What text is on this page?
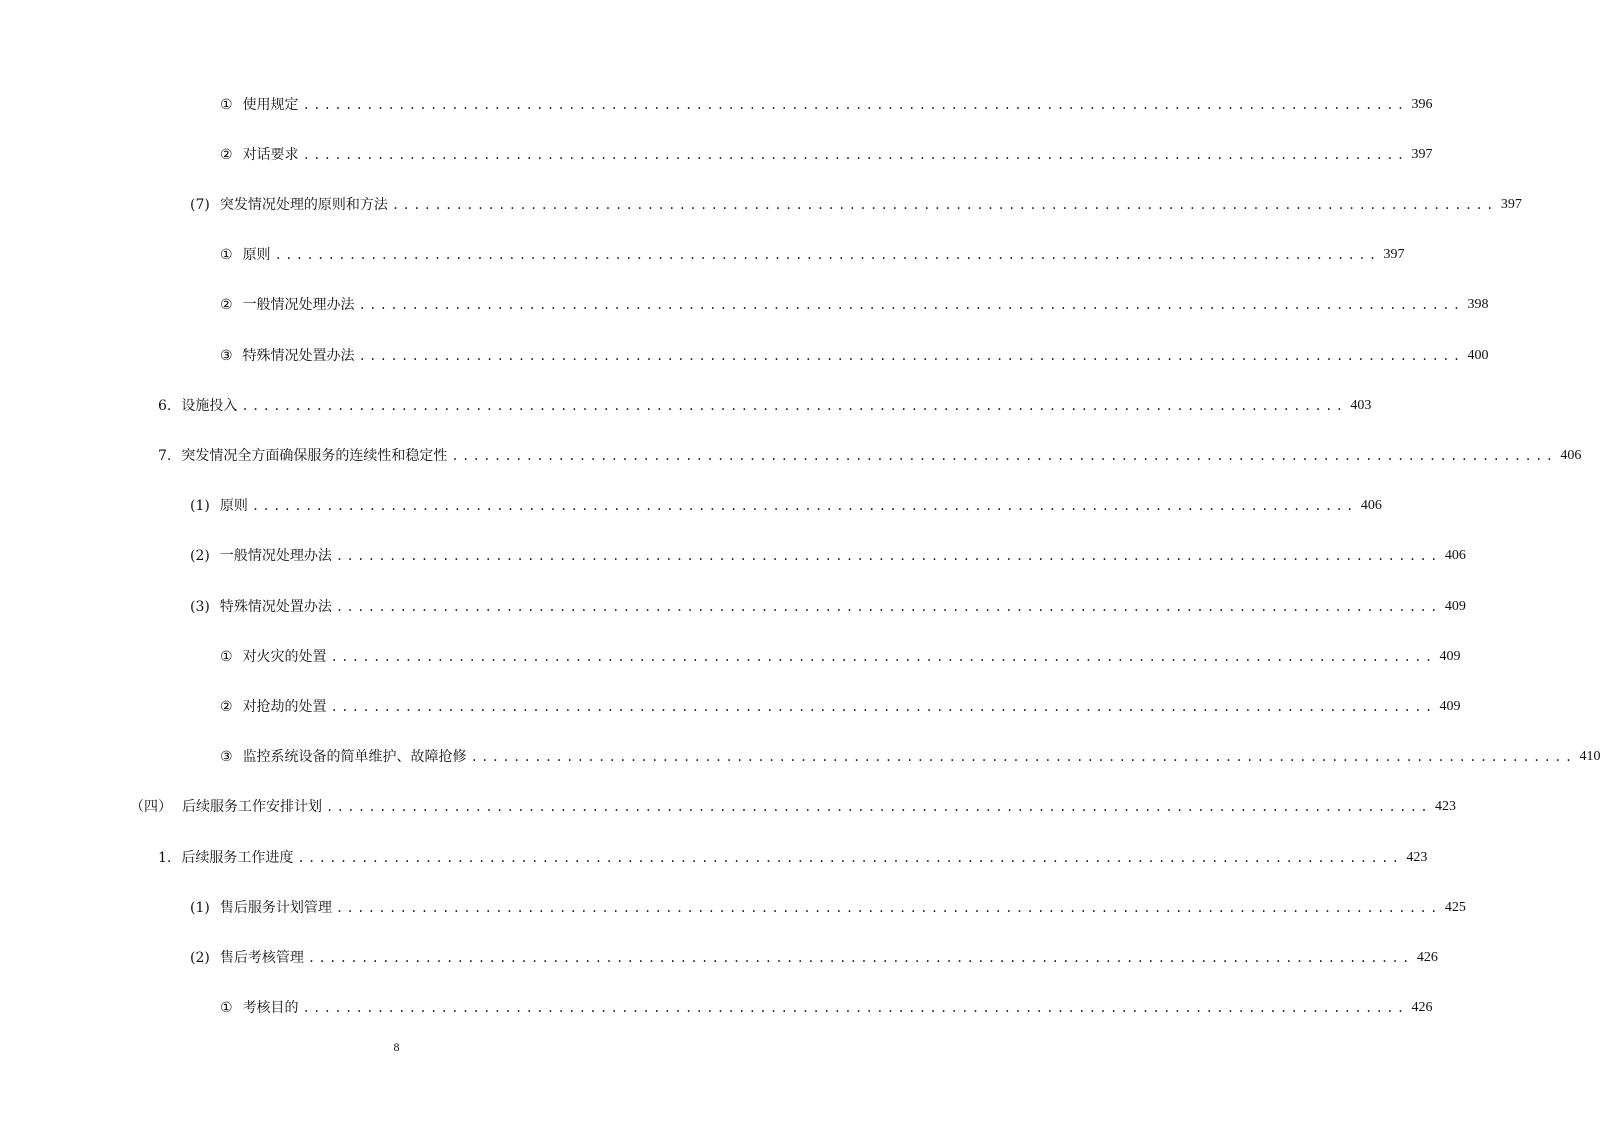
① 使用规定 ........................................................................................................ 396
② 对话要求 ........................................................................................................ 397
(7) 突发情况处理的原则和方法 ........................................................................................................ 397
① 原则 ........................................................................................................ 397
② 一般情况处理办法 ........................................................................................................ 398
③ 特殊情况处置办法 ........................................................................................................ 400
6. 设施投入 ........................................................................................................ 403
7. 突发情况全方面确保服务的连续性和稳定性 ........................................................................................................ 406
(1) 原则 ........................................................................................................ 406
(2) 一般情况处理办法 ........................................................................................................ 406
(3) 特殊情况处置办法 ........................................................................................................ 409
① 对火灾的处置 ........................................................................................................ 409
② 对抢劫的处置 ........................................................................................................ 409
③ 监控系统设备的简单维护、故障抢修 ........................................................................................................ 410
（四） 后续服务工作安排计划 ........................................................................................................ 423
1. 后续服务工作进度 ........................................................................................................ 423
(1) 售后服务计划管理 ........................................................................................................ 425
(2) 售后考核管理 ........................................................................................................ 426
① 考核目的 ........................................................................................................ 426
8
